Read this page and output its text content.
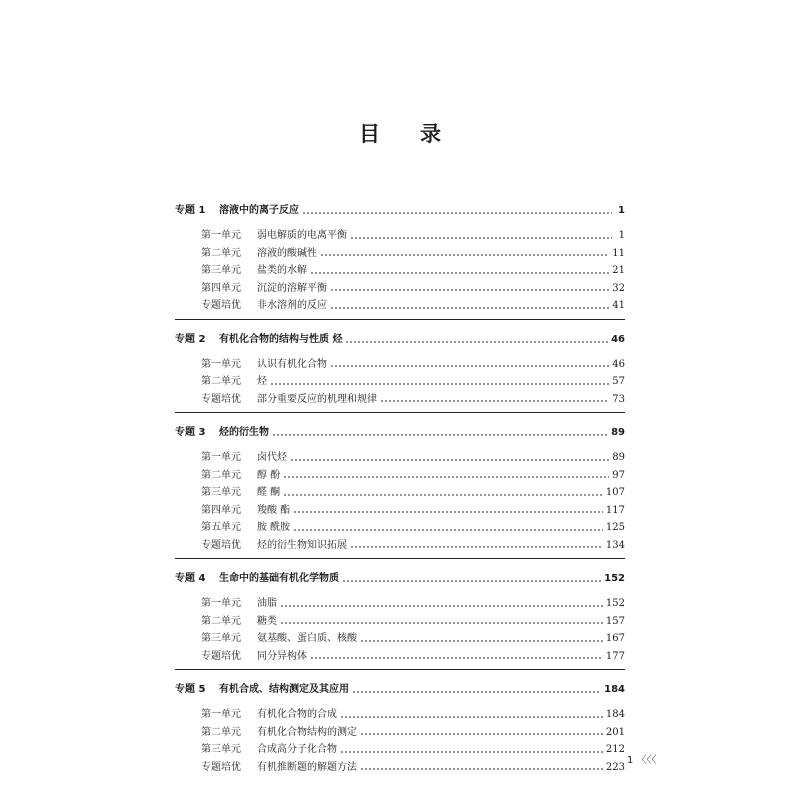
目录
专题 1	溶液中的离子反应	1
第一单元	弱电解质的电离平衡	1
第二单元	溶液的酸碱性	11
第三单元	盐类的水解	21
第四单元	沉淀的溶解平衡	32
专题培优	非水溶剂的反应	41
专题 2	有机化合物的结构与性质 烃	46
第一单元	认识有机化合物	46
第二单元	烃	57
专题培优	部分重要反应的机理和规律	73
专题 3	烃的衍生物	89
第一单元	卤代烃	89
第二单元	醇 酚	97
第三单元	醛 酮	107
第四单元	羧酸 酯	117
第五单元	胺 酰胺	125
专题培优	烃的衍生物知识拓展	134
专题 4	生命中的基础有机化学物质	152
第一单元	油脂	152
第二单元	糖类	157
第三单元	氨基酸、蛋白质、核酸	167
专题培优	同分异构体	177
专题 5	有机合成、结构测定及其应用	184
第一单元	有机化合物的合成	184
第二单元	有机化合物结构的测定	201
第三单元	合成高分子化合物	212
专题培优	有机推断题的解题方法	223
1 〈〈〈
